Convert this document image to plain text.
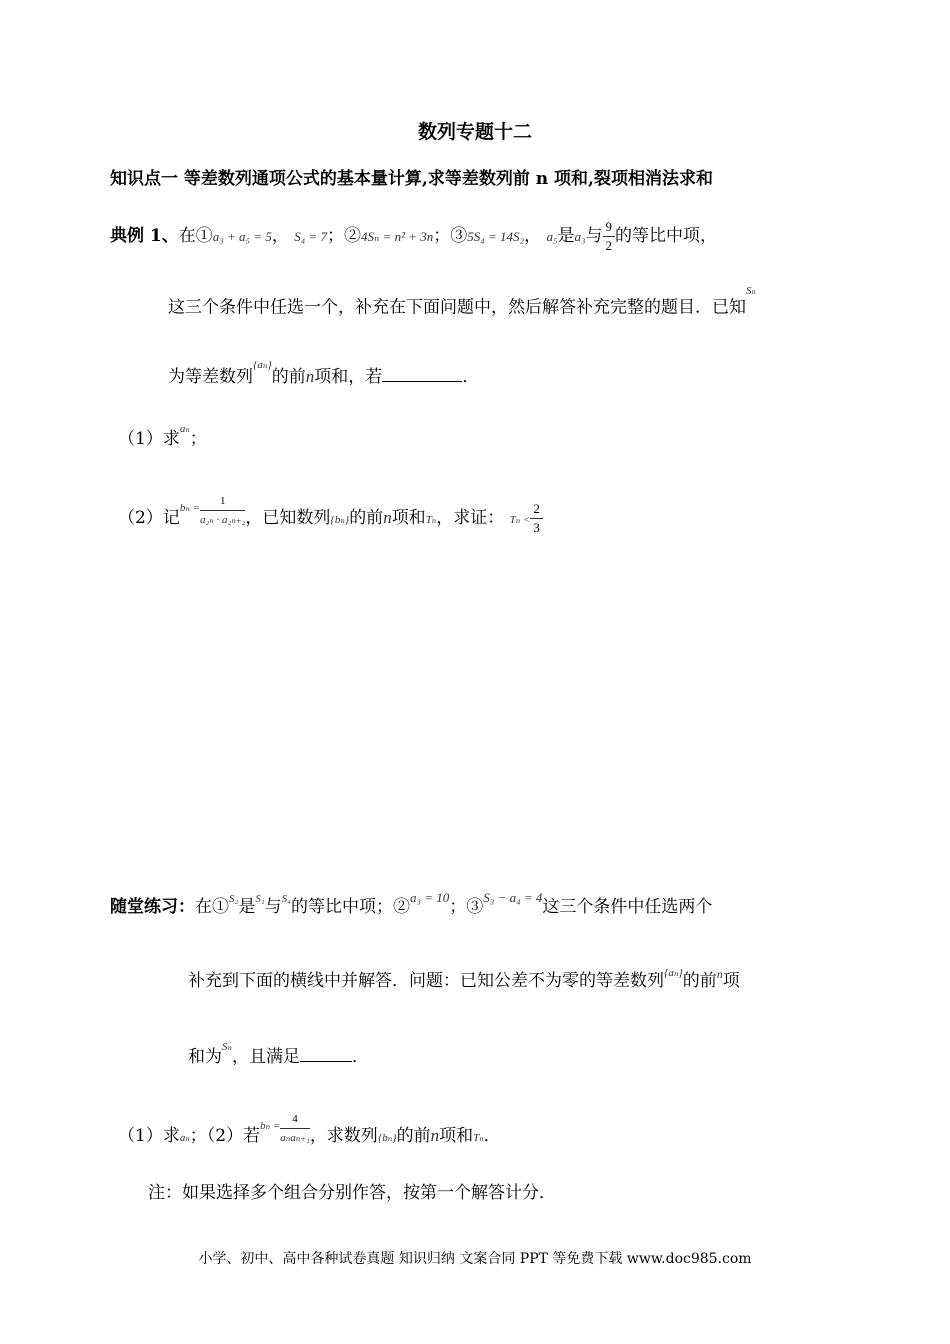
数列专题十二
知识点一 等差数列通项公式的基本量计算,求等差数列前 n 项和,裂项相消法求和
典例 1、在①a₃ + a₅ = 5， S₄ = 7；②4Sₙ = n² + 3n；③5S₄ = 14S₂， a₅是a₃与 $\frac{9}{2}$ 的等比中项，
这三个条件中任选一个，补充在下面问题中，然后解答补充完整的题目．已知$^{S_n}$
为等差数列$^{\{a_n\}}$的前n项和，若	．
（1）求$^{a_n}$；
（2）记$^{b_n =} \frac{1}{\text{a₂ₙ · a₂ₙ₊₂}}$ ，已知数列{bₙ}的前n项和Tₙ，求证： $T_n < \frac{2}{3}$
随堂练习：在①$^{S_2}$是$^{S_1}$与$^{S_4}$的等比中项；②$^{a_3 = 10}$；③$^{S_3 - a_4 = 4}$这三个条件中任选两个
补充到下面的横线中并解答．问题：已知公差不为零的等差数列$^{\{a_n\}}$的前$^n$项
和为$^{S_n}$，且满足	．
（1）求aₙ；（2）若$^{b_n =} \frac{4}{\text{aₙaₙ₊₁}}$ ，求数列{bₙ}的前n项和Tₙ．
注：如果选择多个组合分别作答，按第一个解答计分．
小学、初中、高中各种试卷真题 知识归纳 文案合同 PPT 等免费下载 www.doc985.com
